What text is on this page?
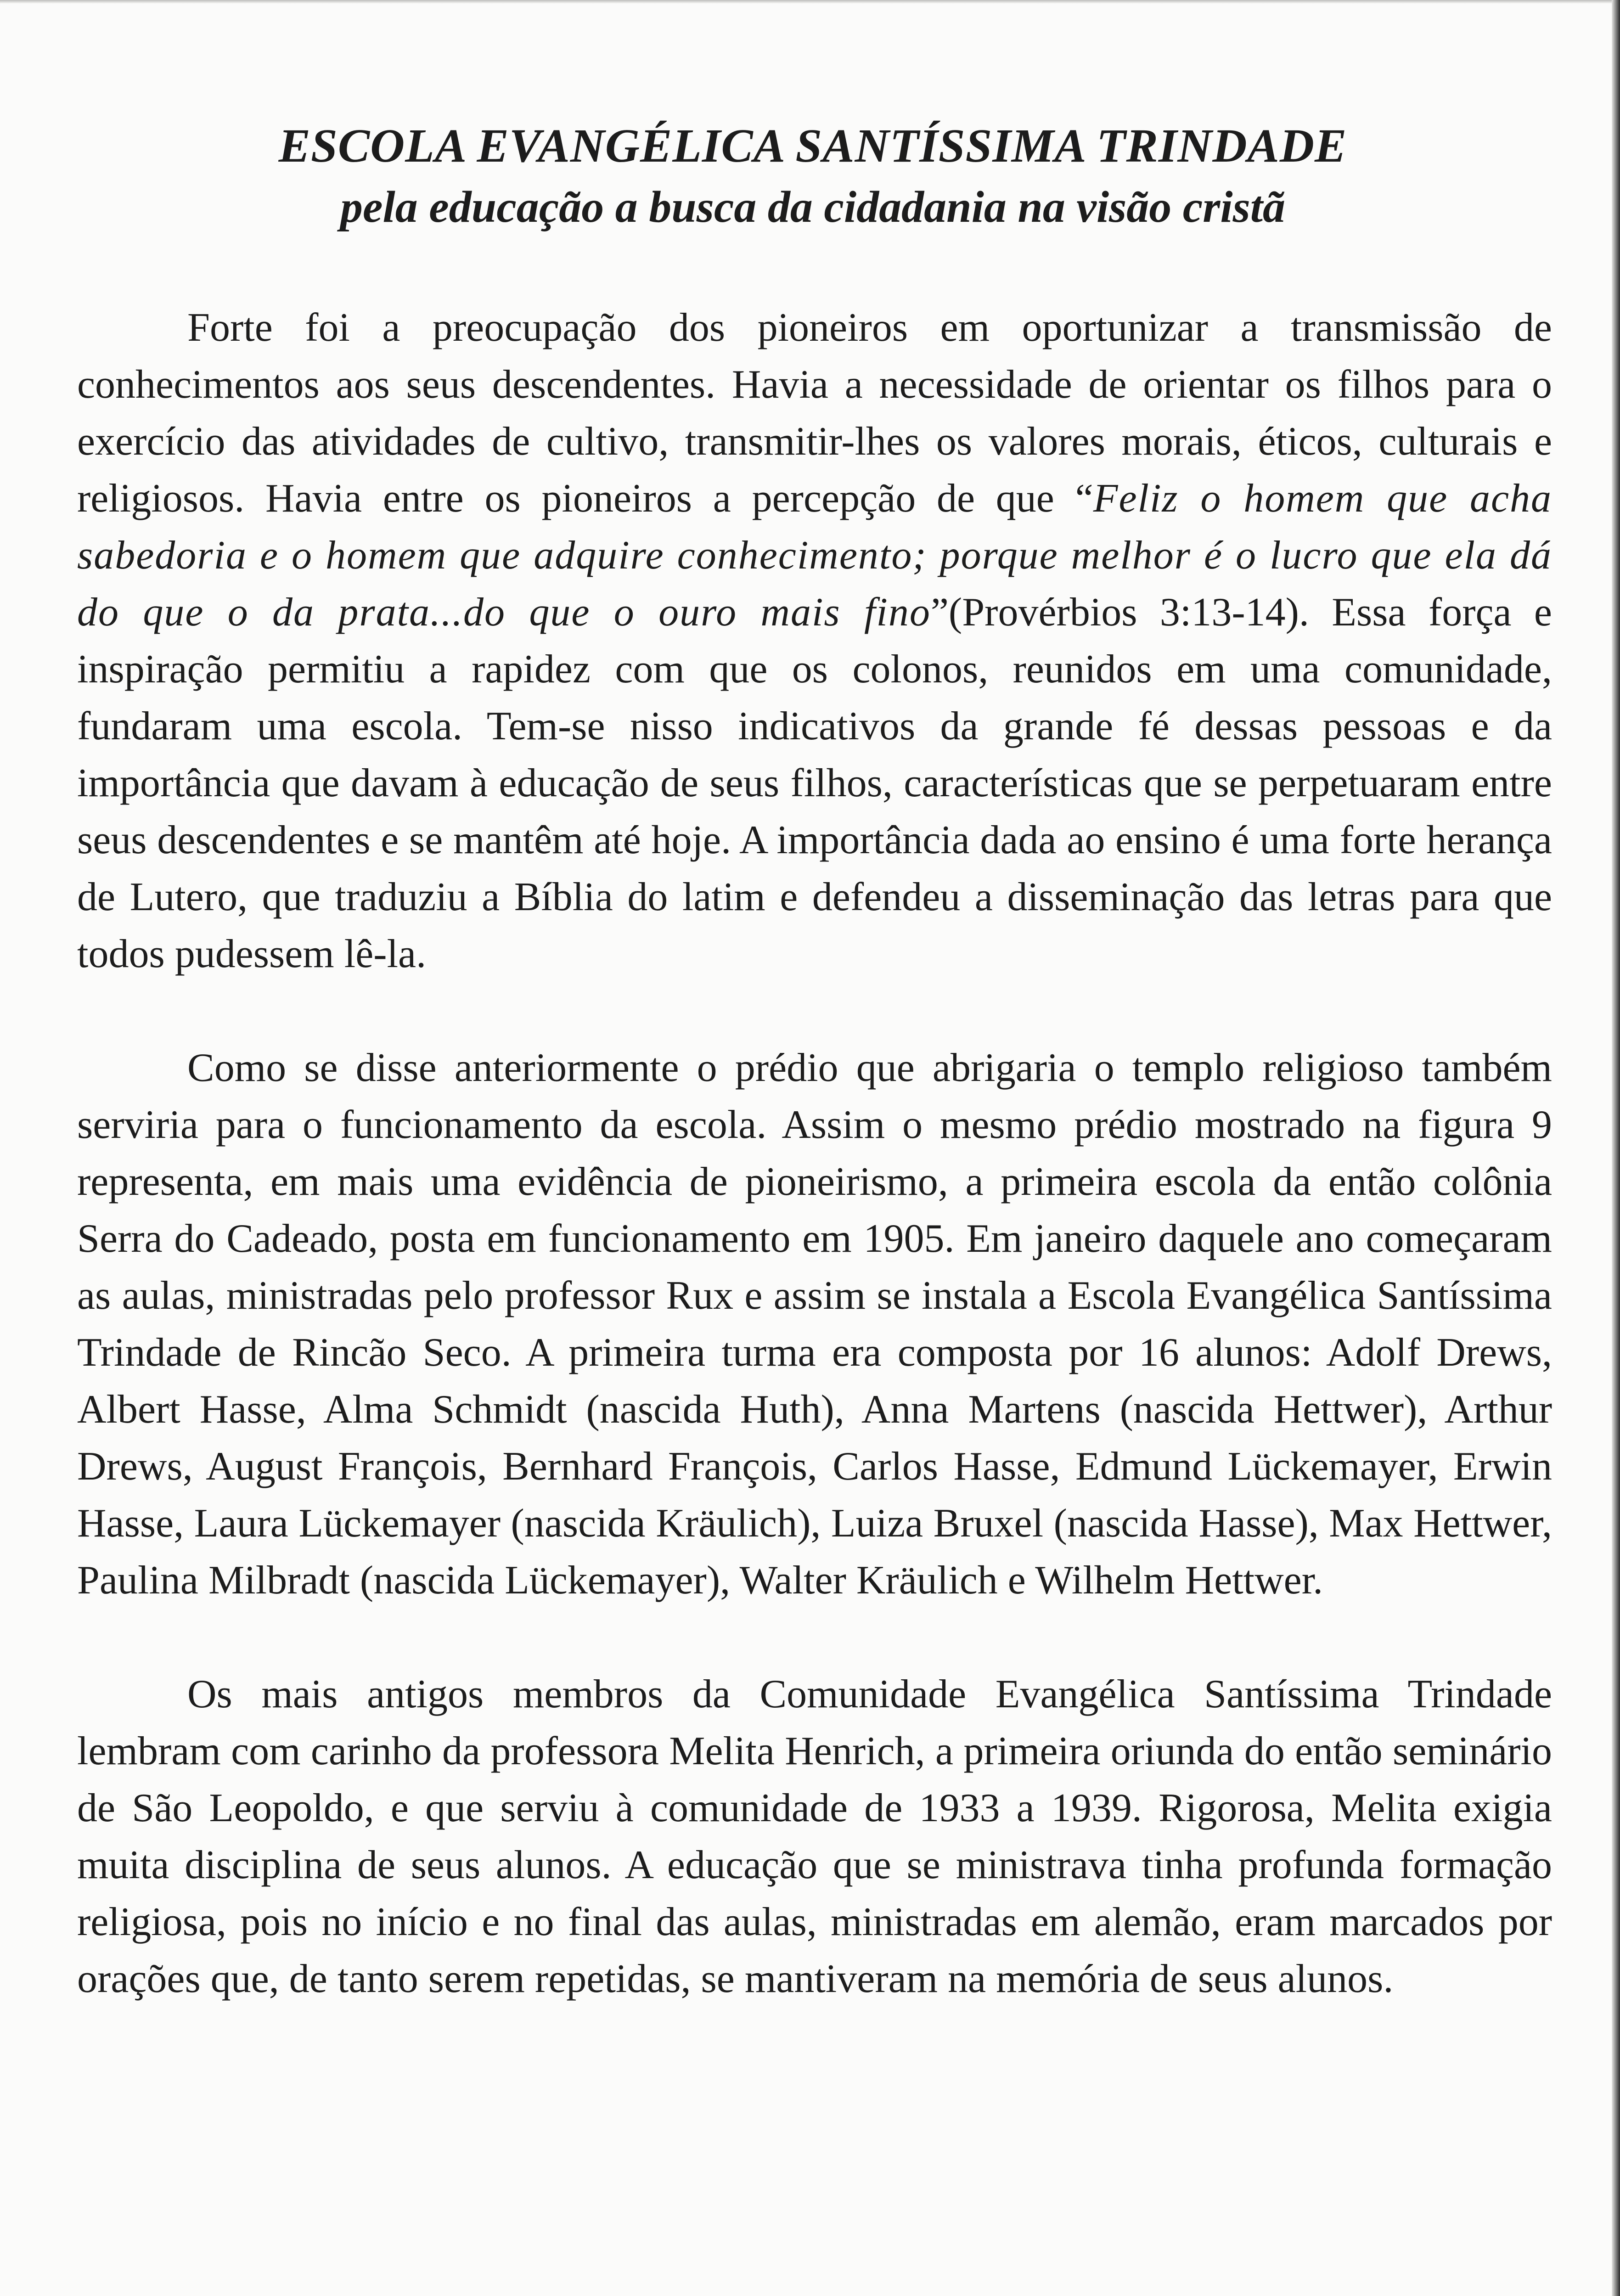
ESCOLA EVANGÉLICA SANTÍSSIMA TRINDADE
pela educação a busca da cidadania na visão cristã

Forte foi a preocupação dos pioneiros em oportunizar a transmissão de conhecimentos aos seus descendentes. Havia a necessidade de orientar os filhos para o exercício das atividades de cultivo, transmitir-lhes os valores morais, éticos, culturais e religiosos. Havia entre os pioneiros a percepção de que “Feliz o homem que acha sabedoria e o homem que adquire conhecimento; porque melhor é o lucro que ela dá do que o da prata...do que o ouro mais fino”(Provérbios 3:13-14). Essa força e inspiração permitiu a rapidez com que os colonos, reunidos em uma comunidade, fundaram uma escola. Tem-se nisso indicativos da grande fé dessas pessoas e da importância que davam à educação de seus filhos, características que se perpetuaram entre seus descendentes e se mantêm até hoje. A importância dada ao ensino é uma forte herança de Lutero, que traduziu a Bíblia do latim e defendeu a disseminação das letras para que todos pudessem lê-la.

Como se disse anteriormente o prédio que abrigaria o templo religioso também serviria para o funcionamento da escola. Assim o mesmo prédio mostrado na figura 9 representa, em mais uma evidência de pioneirismo, a primeira escola da então colônia Serra do Cadeado, posta em funcionamento em 1905. Em janeiro daquele ano começaram as aulas, ministradas pelo professor Rux e assim se instala a Escola Evangélica Santíssima Trindade de Rincão Seco. A primeira turma era composta por 16 alunos: Adolf Drews, Albert Hasse, Alma Schmidt (nascida Huth), Anna Martens (nascida Hettwer), Arthur Drews, August François, Bernhard François, Carlos Hasse, Edmund Lückemayer, Erwin Hasse, Laura Lückemayer (nascida Kräulich), Luiza Bruxel (nascida Hasse), Max Hettwer, Paulina Milbradt (nascida Lückemayer), Walter Kräulich e Wilhelm Hettwer.

Os mais antigos membros da Comunidade Evangélica Santíssima Trindade lembram com carinho da professora Melita Henrich, a primeira oriunda do então seminário de São Leopoldo, e que serviu à comunidade de 1933 a 1939. Rigorosa, Melita exigia muita disciplina de seus alunos. A educação que se ministrava tinha profunda formação religiosa, pois no início e no final das aulas, ministradas em alemão, eram marcados por orações que, de tanto serem repetidas, se mantiveram na memória de seus alunos.
